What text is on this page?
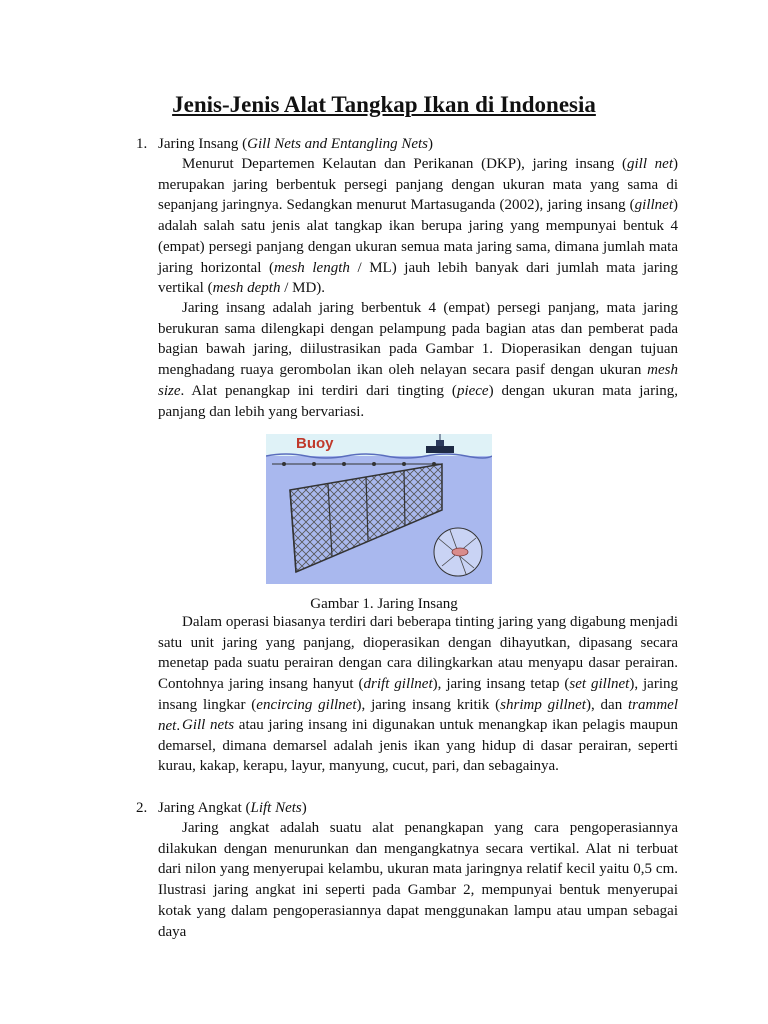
Jenis-Jenis Alat Tangkap Ikan di Indonesia
1. Jaring Insang (Gill Nets and Entangling Nets)

Menurut Departemen Kelautan dan Perikanan (DKP), jaring insang (gill net) merupakan jaring berbentuk persegi panjang dengan ukuran mata yang sama di sepanjang jaringnya. Sedangkan menurut Martasuganda (2002), jaring insang (gillnet) adalah salah satu jenis alat tangkap ikan berupa jaring yang mempunyai bentuk 4 (empat) persegi panjang dengan ukuran semua mata jaring sama, dimana jumlah mata jaring horizontal (mesh length / ML) jauh lebih banyak dari jumlah mata jaring vertikal (mesh depth / MD).

Jaring insang adalah jaring berbentuk 4 (empat) persegi panjang, mata jaring berukuran sama dilengkapi dengan pelampung pada bagian atas dan pemberat pada bagian bawah jaring, diilustrasikan pada Gambar 1. Dioperasikan dengan tujuan menghadang ruaya gerombolan ikan oleh nelayan secara pasif dengan ukuran mesh size. Alat penangkap ini terdiri dari tingting (piece) dengan ukuran mata jaring, panjang dan lebih yang bervariasi.

Buoy
Gambar 1. Jaring Insang

Dalam operasi biasanya terdiri dari beberapa tinting jaring yang digabung menjadi satu unit jaring yang panjang, dioperasikan dengan dihayutkan, dipasang secara menetap pada suatu perairan dengan cara dilingkarkan atau menyapu dasar perairan. Contohnya jaring insang hanyut (drift gillnet), jaring insang tetap (set gillnet), jaring insang lingkar (encircing gillnet), jaring insang kritik (shrimp gillnet), dan trammel net. Gill nets atau jaring insang ini digunakan untuk menangkap ikan pelagis maupun demarsel, dimana demarsel adalah jenis ikan yang hidup di dasar perairan, seperti kurau, kakap, kerapu, layur, manyung, cucut, pari, dan sebagainya.

2. Jaring Angkat (Lift Nets)

Jaring angkat adalah suatu alat penangkapan yang cara pengoperasiannya dilakukan dengan menurunkan dan mengangkatnya secara vertikal. Alat ni terbuat dari nilon yang menyerupai kelambu, ukuran mata jaringnya relatif kecil yaitu 0,5 cm. Ilustrasi jaring angkat ini seperti pada Gambar 2, mempunyai bentuk menyerupai kotak yang dalam pengoperasiannya dapat menggunakan lampu atau umpan sebagai daya
